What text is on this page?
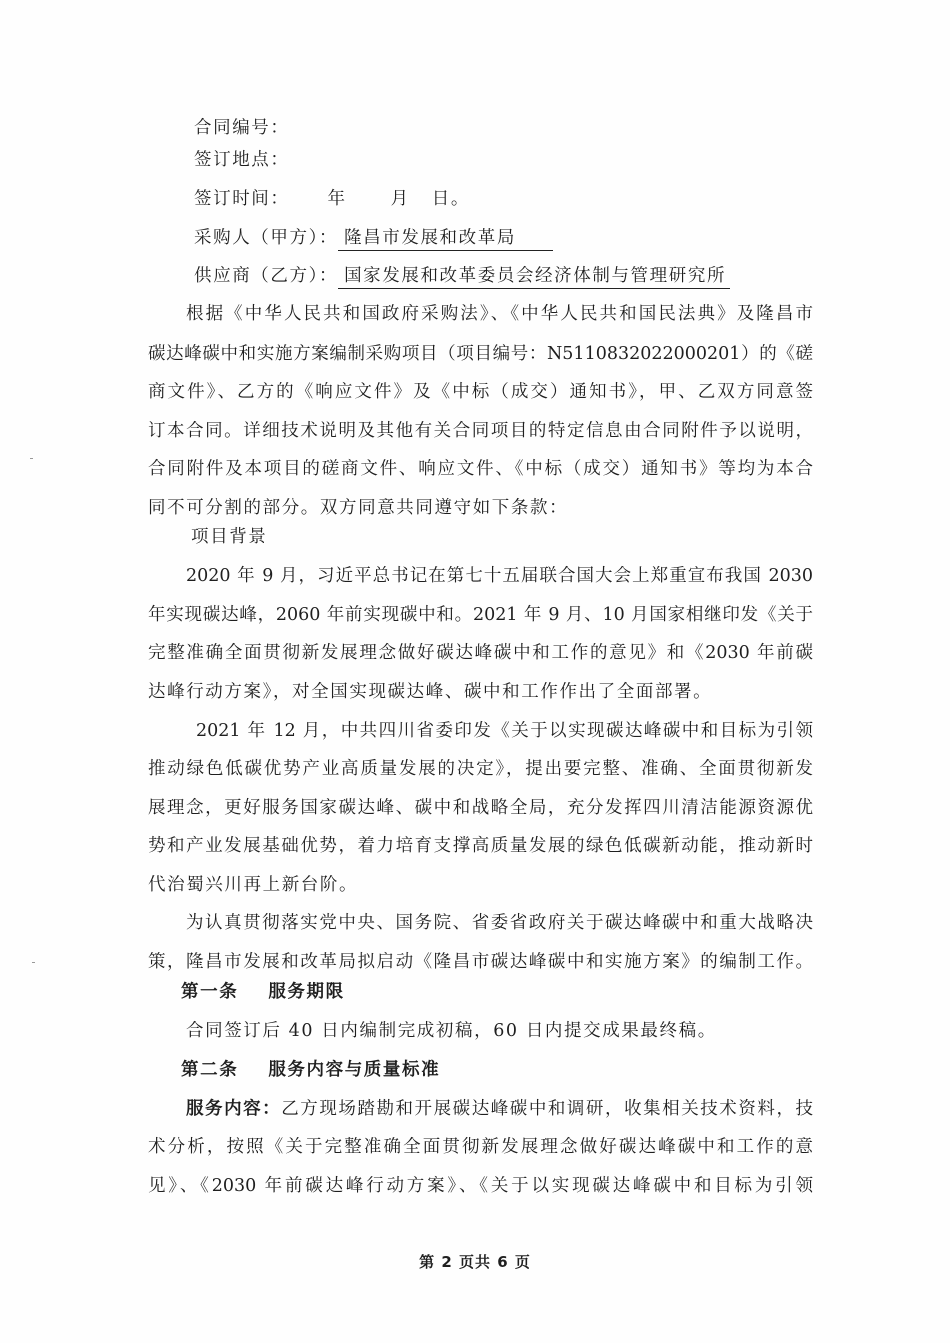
合同编号：
签订地点：
签订时间： 年	月 日。
采购人（甲方）： 隆昌市发展和改革局
供应商（乙方）： 国家发展和改革委员会经济体制与管理研究所
根据《中华人民共和国政府采购法》、《中华人民共和国民法典》及隆昌市
碳达峰碳中和实施方案编制采购项目（项目编号：N5110832022000201）的《磋
商文件》、乙方的《响应文件》及《中标（成交）通知书》，甲、乙双方同意签
订本合同。详细技术说明及其他有关合同项目的特定信息由合同附件予以说明，
合同附件及本项目的磋商文件、响应文件、《中标（成交）通知书》等均为本合
同不可分割的部分。双方同意共同遵守如下条款：
项目背景
2020 年 9 月，习近平总书记在第七十五届联合国大会上郑重宣布我国 2030
年实现碳达峰，2060 年前实现碳中和。2021 年 9 月、10 月国家相继印发《关于
完整准确全面贯彻新发展理念做好碳达峰碳中和工作的意见》和《2030 年前碳
达峰行动方案》，对全国实现碳达峰、碳中和工作作出了全面部署。
2021 年 12 月，中共四川省委印发《关于以实现碳达峰碳中和目标为引领
推动绿色低碳优势产业高质量发展的决定》，提出要完整、准确、全面贯彻新发
展理念，更好服务国家碳达峰、碳中和战略全局，充分发挥四川清洁能源资源优
势和产业发展基础优势，着力培育支撑高质量发展的绿色低碳新动能，推动新时
代治蜀兴川再上新台阶。
为认真贯彻落实党中央、国务院、省委省政府关于碳达峰碳中和重大战略决
策，隆昌市发展和改革局拟启动《隆昌市碳达峰碳中和实施方案》的编制工作。
第一条 服务期限
合同签订后 40 日内编制完成初稿，60 日内提交成果最终稿。
第二条 服务内容与质量标准
服务内容：乙方现场踏勘和开展碳达峰碳中和调研，收集相关技术资料，技
术分析，按照《关于完整准确全面贯彻新发展理念做好碳达峰碳中和工作的意
见》、《2030 年前碳达峰行动方案》、《关于以实现碳达峰碳中和目标为引领
第 2 页共 6 页
